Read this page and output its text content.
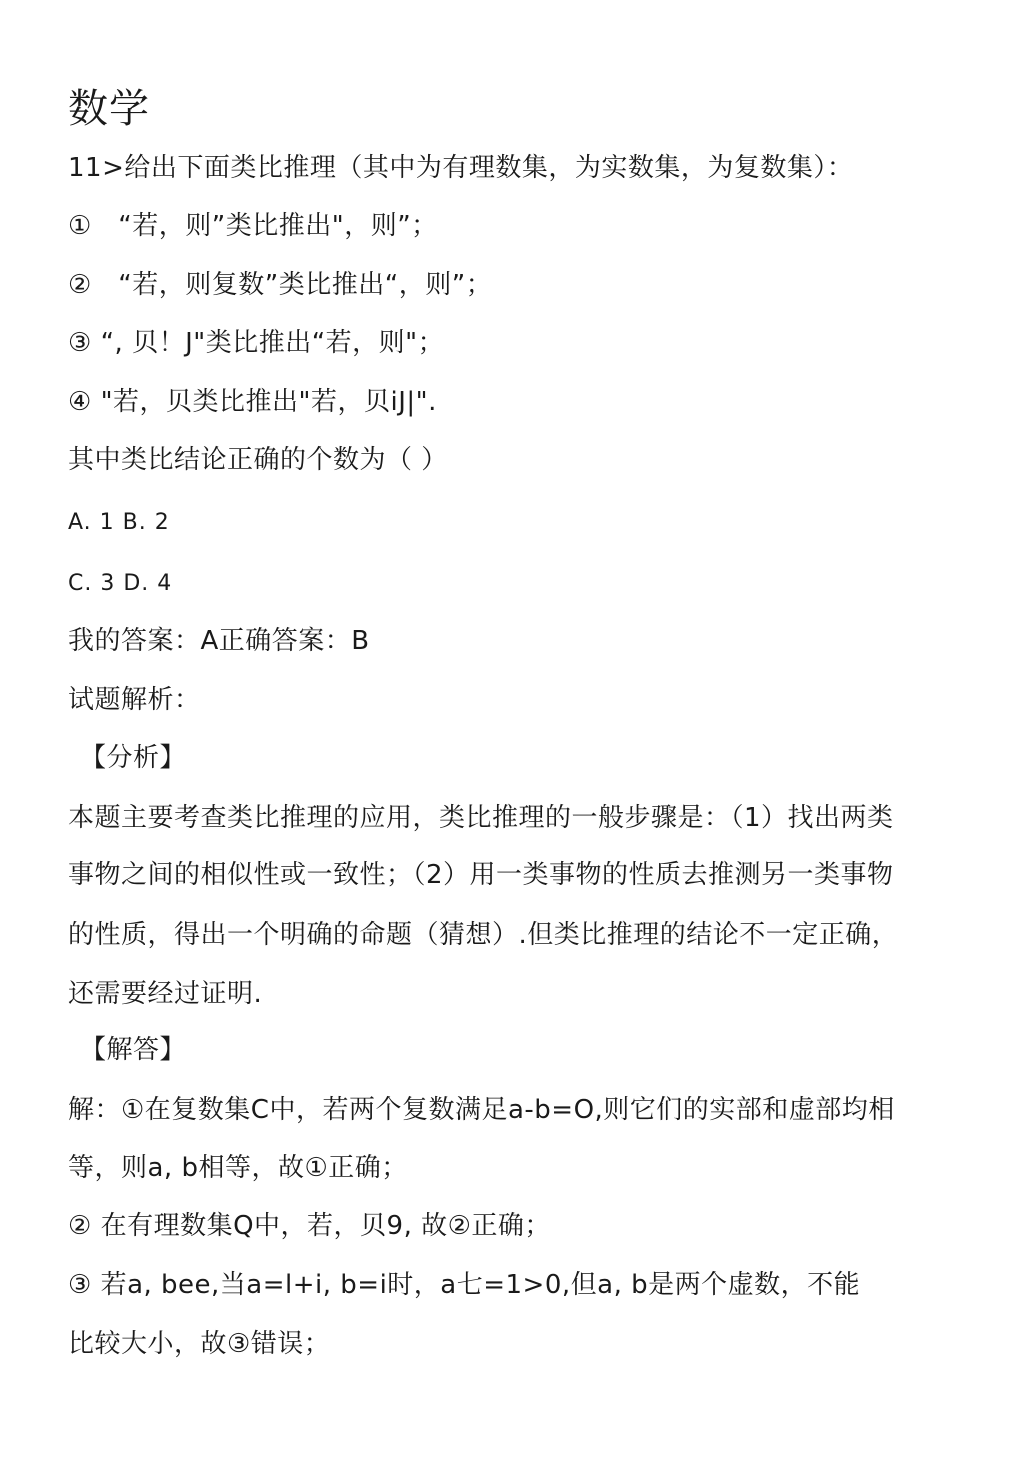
数学
11>给出下面类比推理（其中为有理数集，为实数集，为复数集）：
①　“若，则”类比推出"，则”；
②　“若，则复数”类比推出“，则”；
③ “, 贝！J"类比推出“若，则"；
④ "若，贝类比推出"若，贝iJ|".
其中类比结论正确的个数为（ ）
A. 1 B. 2
C. 3 D. 4
我的答案：A正确答案：B
试题解析：
【分析】
本题主要考查类比推理的应用，类比推理的一般步骤是：（1）找出两类
事物之间的相似性或一致性；（2）用一类事物的性质去推测另一类事物
的性质，得出一个明确的命题（猜想）.但类比推理的结论不一定正确，
还需要经过证明.
【解答】
解：①在复数集C中，若两个复数满足a-b=O,则它们的实部和虚部均相
等，则a, b相等，故①正确；
② 在有理数集Q中，若，贝9, 故②正确；
③ 若a, bee,当a=l+i, b=i时，a七=1>0,但a, b是两个虚数，不能
比较大小，故③错误；
